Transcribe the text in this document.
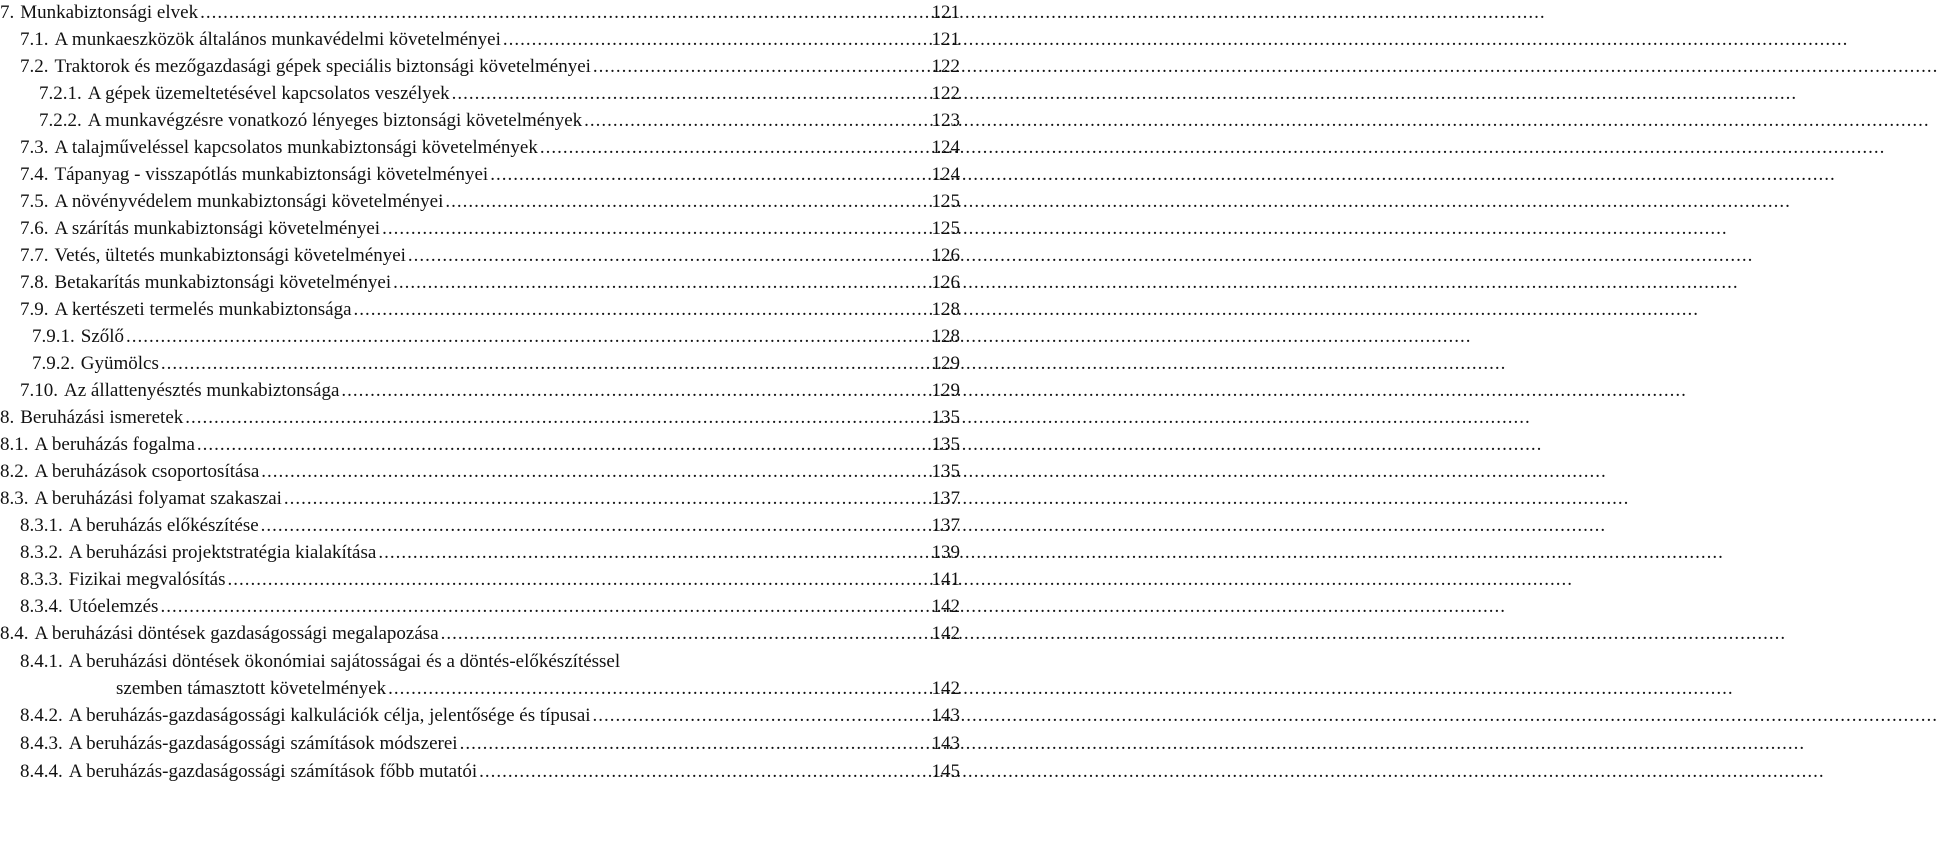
7. Munkabiztonsági elvek .....	121
7.1. A munkaeszközök általános munkavédelmi követelményei .....	121
7.2. Traktorok és mezőgazdasági gépek speciális biztonsági követelményei .....	122
7.2.1. A gépek üzemeltetésével kapcsolatos veszélyek .....	122
7.2.2. A munkavégzésre vonatkozó lényeges biztonsági követelmények .....	123
7.3. A talajműveléssel kapcsolatos munkabiztonsági követelmények .....	124
7.4. Tápanyag - visszapótlás munkabiztonsági követelményei .....	124
7.5. A növényvédelem munkabiztonsági követelményei .....	125
7.6. A szárítás munkabiztonsági követelményei .....	125
7.7. Vetés, ültetés munkabiztonsági követelményei .....	126
7.8. Betakarítás munkabiztonsági követelményei .....	126
7.9. A kertészeti termelés munkabiztonsága .....	128
7.9.1. Szőlő .....	128
7.9.2. Gyümölcs .....	129
7.10. Az állattenyésztés munkabiztonsága .....	129
8. Beruházási ismeretek .....	135
8.1. A beruházás fogalma .....	135
8.2. A beruházások csoportosítása .....	135
8.3. A beruházási folyamat szakaszai .....	137
8.3.1. A beruházás előkészítése .....	137
8.3.2. A beruházási projektstratégia kialakítása .....	139
8.3.3. Fizikai megvalósítás .....	141
8.3.4. Utóelemzés .....	142
8.4. A beruházási döntések gazdaságossági megalapozása .....	142
8.4.1. A beruházási döntések ökonómiai sajátosságai és a döntés-előkészítéssel
szemben támasztott követelmények .....	142
8.4.2. A beruházás-gazdaságossági kalkulációk célja, jelentősége és típusai .....	143
8.4.3. A beruházás-gazdaságossági számítások módszerei .....	143
8.4.4. A beruházás-gazdaságossági számítások főbb mutatói .....	145
